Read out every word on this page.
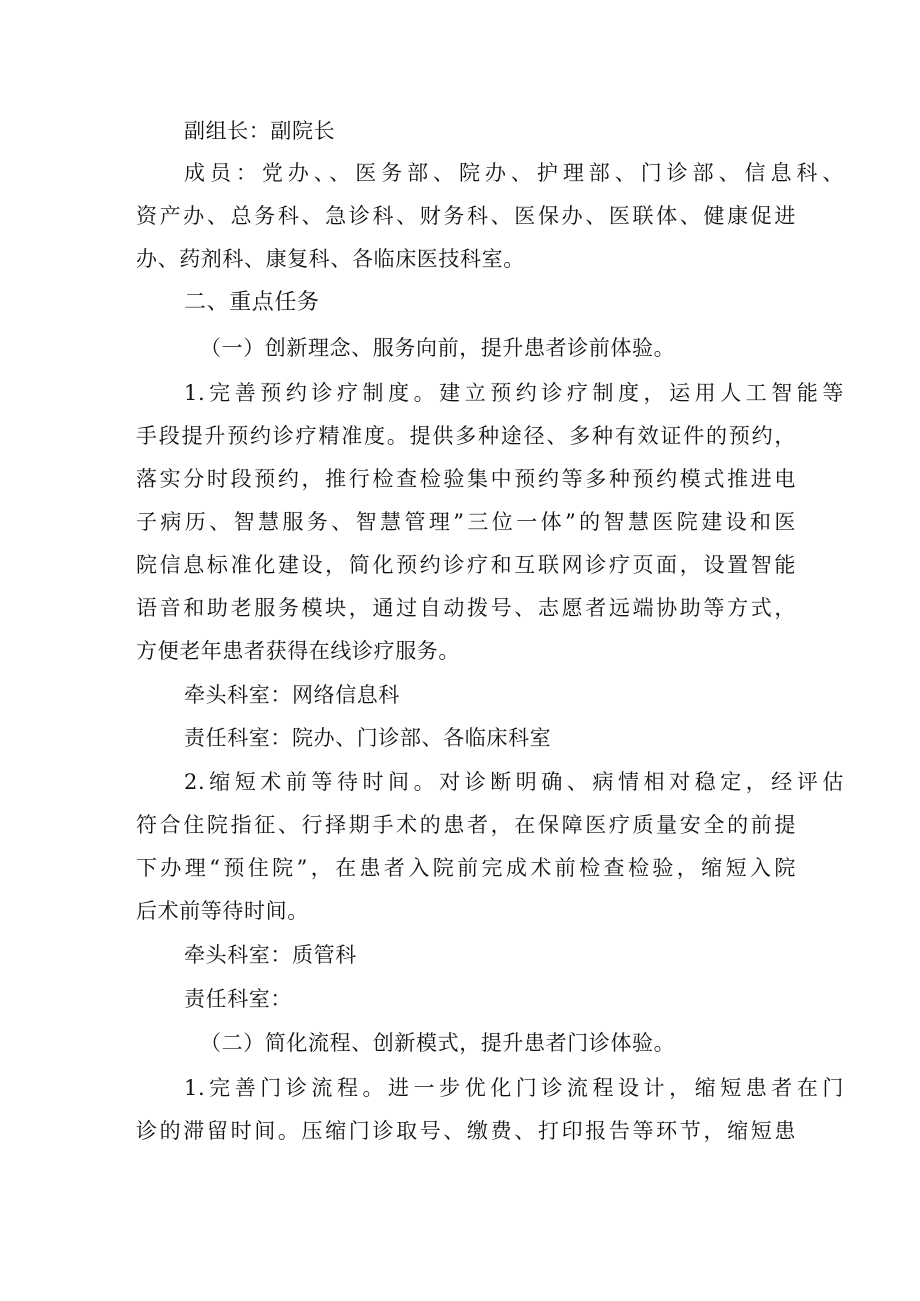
副组长：副院长
成员：党办、、医务部、院办、护理部、门诊部、信息科、
资产办、总务科、急诊科、财务科、医保办、医联体、健康促进
办、药剂科、康复科、各临床医技科室。
二、重点任务
（一）创新理念、服务向前，提升患者诊前体验。
1.完善预约诊疗制度。建立预约诊疗制度，运用人工智能等
手段提升预约诊疗精准度。提供多种途径、多种有效证件的预约，
落实分时段预约，推行检查检验集中预约等多种预约模式推进电
子病历、智慧服务、智慧管理”三位一体”的智慧医院建设和医
院信息标准化建设，简化预约诊疗和互联网诊疗页面，设置智能
语音和助老服务模块，通过自动拨号、志愿者远端协助等方式，
方便老年患者获得在线诊疗服务。
牵头科室：网络信息科
责任科室：院办、门诊部、各临床科室
2.缩短术前等待时间。对诊断明确、病情相对稳定，经评估
符合住院指征、行择期手术的患者，在保障医疗质量安全的前提
下办理“预住院”，在患者入院前完成术前检查检验，缩短入院
后术前等待时间。
牵头科室：质管科
责任科室：
（二）简化流程、创新模式，提升患者门诊体验。
1.完善门诊流程。进一步优化门诊流程设计，缩短患者在门
诊的滞留时间。压缩门诊取号、缴费、打印报告等环节，缩短患
